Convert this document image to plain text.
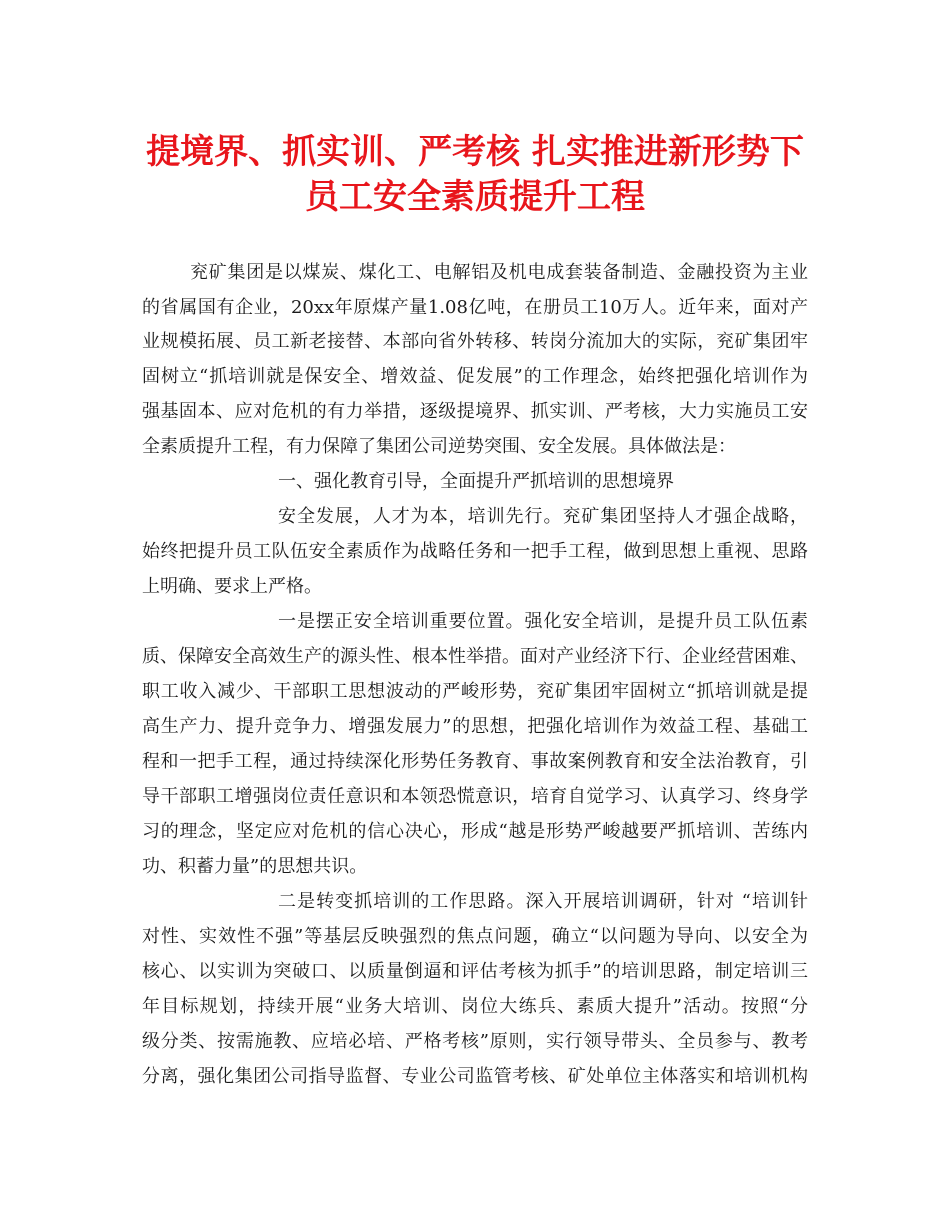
提境界、抓实训、严考核 扎实推进新形势下
员工安全素质提升工程
兖矿集团是以煤炭、煤化工、电解铝及机电成套装备制造、金融投资为主业
的省属国有企业，20xx年原煤产量1.08亿吨，在册员工10万人。近年来，面对产
业规模拓展、员工新老接替、本部向省外转移、转岗分流加大的实际，兖矿集团牢
固树立“抓培训就是保安全、增效益、促发展”的工作理念，始终把强化培训作为
强基固本、应对危机的有力举措，逐级提境界、抓实训、严考核，大力实施员工安
全素质提升工程，有力保障了集团公司逆势突围、安全发展。具体做法是：
一、强化教育引导，全面提升严抓培训的思想境界
安全发展，人才为本，培训先行。兖矿集团坚持人才强企战略，
始终把提升员工队伍安全素质作为战略任务和一把手工程，做到思想上重视、思路
上明确、要求上严格。
一是摆正安全培训重要位置。强化安全培训，是提升员工队伍素
质、保障安全高效生产的源头性、根本性举措。面对产业经济下行、企业经营困难、
职工收入减少、干部职工思想波动的严峻形势，兖矿集团牢固树立“抓培训就是提
高生产力、提升竞争力、增强发展力”的思想，把强化培训作为效益工程、基础工
程和一把手工程，通过持续深化形势任务教育、事故案例教育和安全法治教育，引
导干部职工增强岗位责任意识和本领恐慌意识，培育自觉学习、认真学习、终身学
习的理念，坚定应对危机的信心决心，形成“越是形势严峻越要严抓培训、苦练内
功、积蓄力量”的思想共识。
二是转变抓培训的工作思路。深入开展培训调研，针对 “培训针
对性、实效性不强”等基层反映强烈的焦点问题，确立“以问题为导向、以安全为
核心、以实训为突破口、以质量倒逼和评估考核为抓手”的培训思路，制定培训三
年目标规划，持续开展“业务大培训、岗位大练兵、素质大提升”活动。按照“分
级分类、按需施教、应培必培、严格考核”原则，实行领导带头、全员参与、教考
分离，强化集团公司指导监督、专业公司监管考核、矿处单位主体落实和培训机构
